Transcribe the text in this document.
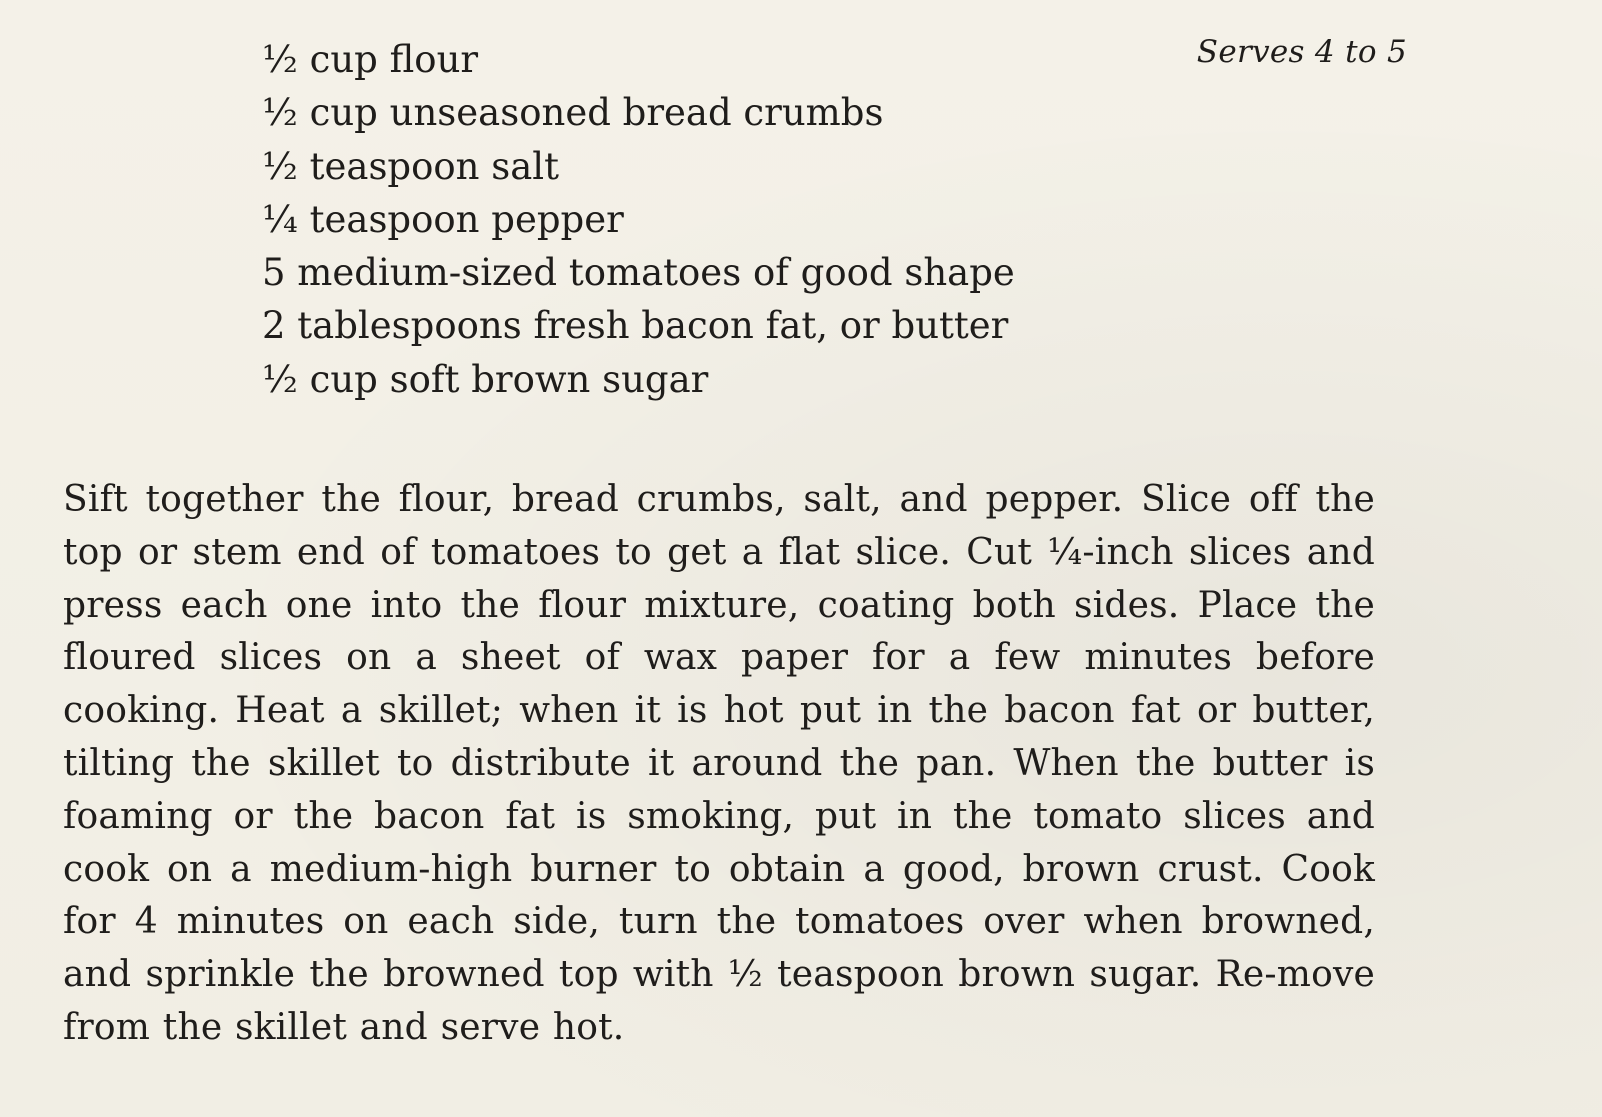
Serves 4 to 5
½ cup flour
½ cup unseasoned bread crumbs
½ teaspoon salt
¼ teaspoon pepper
5 medium-sized tomatoes of good shape
2 tablespoons fresh bacon fat, or butter
½ cup soft brown sugar

Sift together the flour, bread crumbs, salt, and pepper. Slice off the top or stem end of tomatoes to get a flat slice. Cut ¼-inch slices and press each one into the flour mixture, coating both sides. Place the floured slices on a sheet of wax paper for a few minutes before cooking. Heat a skillet; when it is hot put in the bacon fat or butter, tilting the skillet to distribute it around the pan. When the butter is foaming or the bacon fat is smoking, put in the tomato slices and cook on a medium-high burner to obtain a good, brown crust. Cook for 4 minutes on each side, turn the tomatoes over when browned, and sprinkle the browned top with ½ teaspoon brown sugar. Re-move from the skillet and serve hot.
